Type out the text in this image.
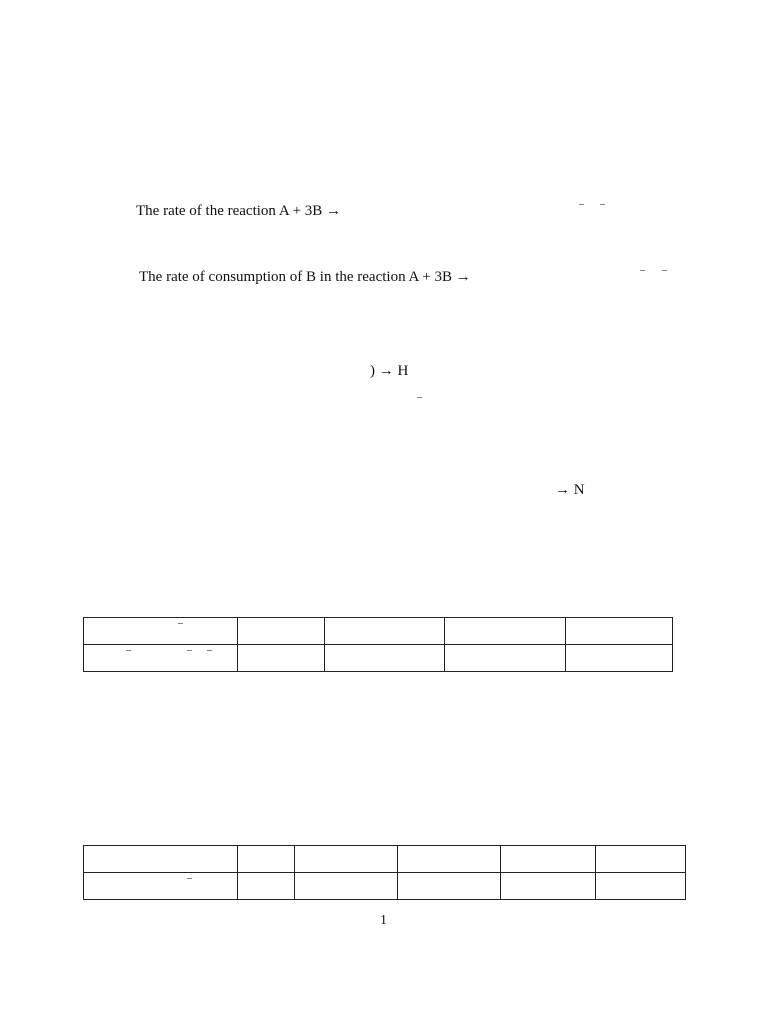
The rate of the reaction A + 3B →	– –
The rate of consumption of B in the reaction A + 3B →	– –
) → H
–
→ N
–				

– – –				

–					

1
